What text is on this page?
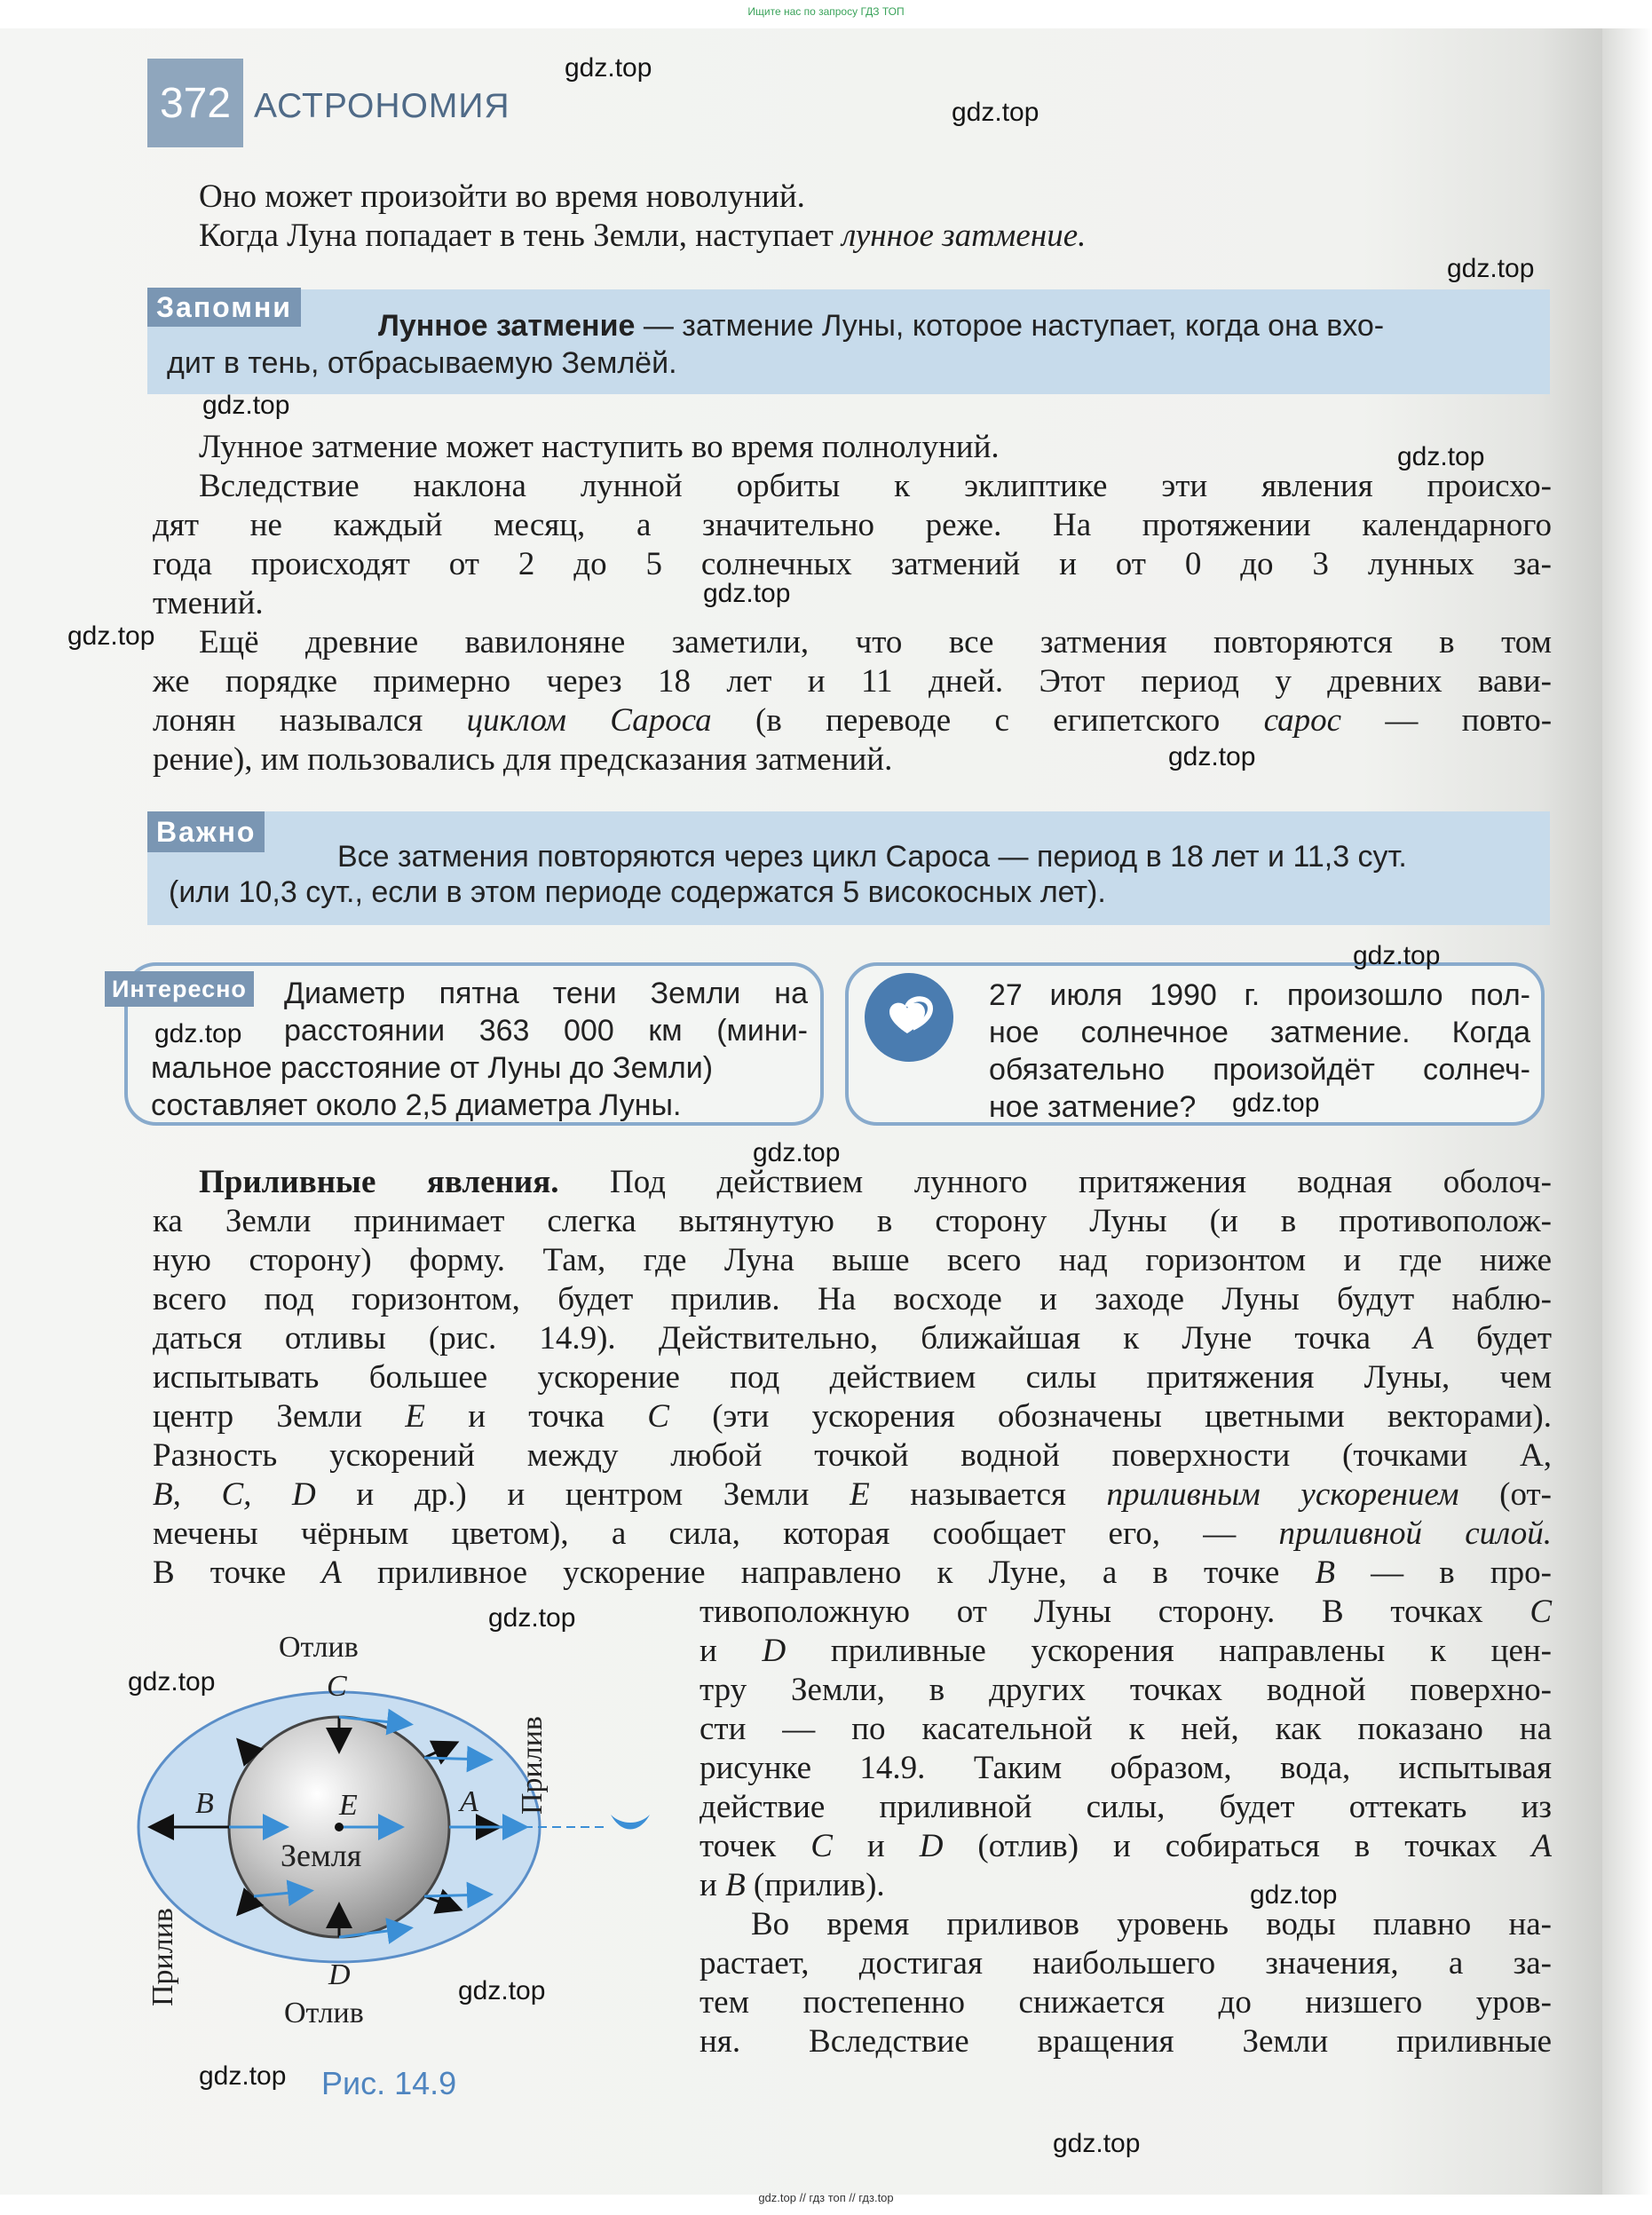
Ищите нас по запросу ГДЗ ТОП
372 АСТРОНОМИЯ
Оно может произойти во время новолуний.
Когда Луна попадает в тень Земли, наступает лунное затмение.
Запомни
Лунное затмение — затмение Луны, которое наступает, когда она вхо-
дит в тень, отбрасываемую Землёй.
Лунное затмение может наступить во время полнолуний.
Вследствие наклона лунной орбиты к эклиптике эти явления происхо-
дят не каждый месяц, а значительно реже. На протяжении календарного
года происходят от 2 до 5 солнечных затмений и от 0 до 3 лунных за-
тмений.
Ещё древние вавилоняне заметили, что все затмения повторяются в том
же порядке примерно через 18 лет и 11 дней. Этот период у древних вави-
лонян назывался циклом Сароса (в переводе с египетского сарос — повто-
рение), им пользовались для предсказания затмений.
Важно
Все затмения повторяются через цикл Сароса — период в 18 лет и 11,3 сут.
(или 10,3 сут., если в этом периоде содержатся 5 високосных лет).
Интересно Диаметр пятна тени Земли на
расстоянии 363 000 км (мини-
мальное расстояние от Луны до Земли)
составляет около 2,5 диаметра Луны.
27 июля 1990 г. произошло пол-
ное солнечное затмение. Когда
обязательно произойдёт солнеч-
ное затмение?
Приливные явления. Под действием лунного притяжения водная оболоч-
ка Земли принимает слегка вытянутую в сторону Луны (и в противополож-
ную сторону) форму. Там, где Луна выше всего над горизонтом и где ниже
всего под горизонтом, будет прилив. На восходе и заходе Луны будут наблю-
даться отливы (рис. 14.9). Действительно, ближайшая к Луне точка A будет
испытывать большее ускорение под действием силы притяжения Луны, чем
центр Земли E и точка C (эти ускорения обозначены цветными векторами).
Разность ускорений между любой точкой водной поверхности (точками A,
B, C, D и др.) и центром Земли E называется приливным ускорением (от-
мечены чёрным цветом), а сила, которая сообщает его, — приливной силой.
В точке A приливное ускорение направлено к Луне, а в точке B — в про-
тивоположную от Луны сторону. В точках C
и D приливные ускорения направлены к цен-
тру Земли, в других точках водной поверхно-
сти — по касательной к ней, как показано на
рисунке 14.9. Таким образом, вода, испытывая
действие приливной силы, будет оттекать из
точек C и D (отлив) и собираться в точках A
и B (прилив).
Во время приливов уровень воды плавно на-
растает, достигая наибольшего значения, а за-
тем постепенно снижается до низшего уров-
ня. Вследствие вращения Земли приливные
Отлив
C
D
Отлив
A
B	E
Земля
Прилив
Прилив
Рис. 14.9
gdz.top
gdz.top
gdz.top
gdz.top
gdz.top
gdz.top
gdz.top
gdz.top
gdz.top
gdz.top
gdz.top
gdz.top
gdz.top
gdz.top
gdz.top
gdz.top
gdz.top
gdz.top
gdz.top // гдз топ // гдз.top
